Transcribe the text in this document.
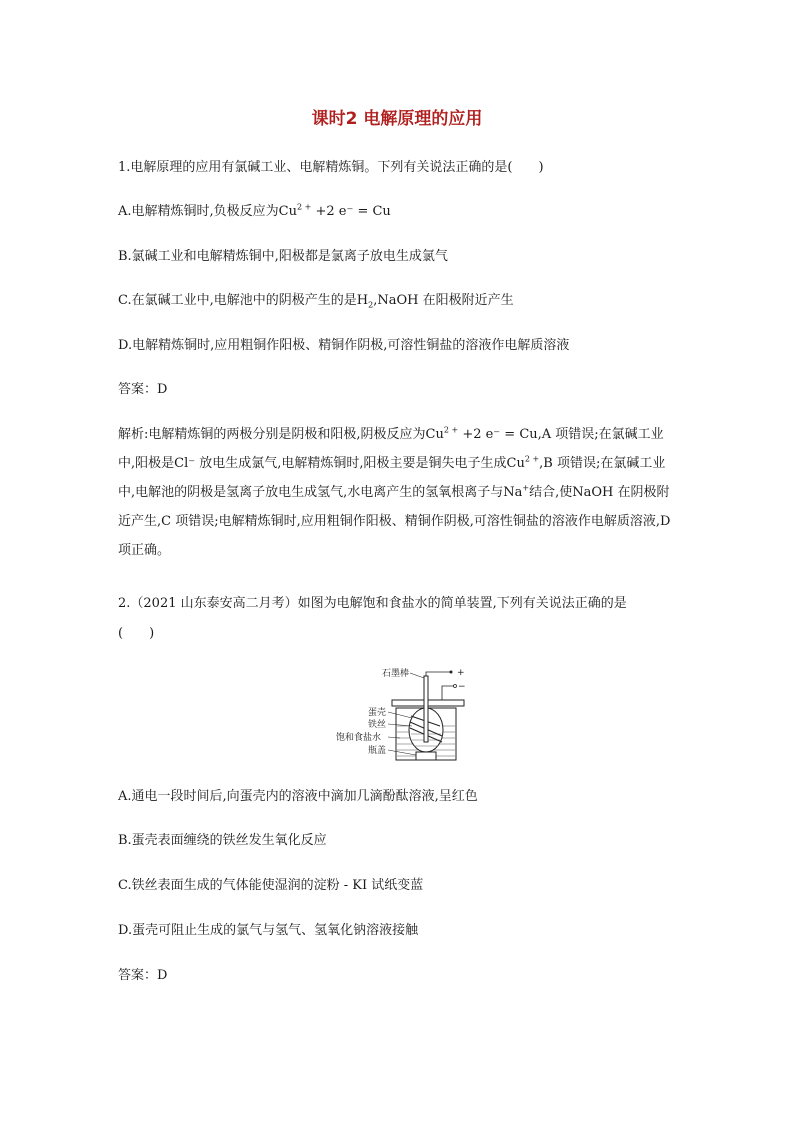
课时2 电解原理的应用
1.电解原理的应用有氯碱工业、电解精炼铜。下列有关说法正确的是(　　)
A.电解精炼铜时,负极反应为$Cu^{2 +} +2$ e⁻ = Cu
B.氯碱工业和电解精炼铜中,阳极都是氯离子放电生成氯气
C.在氯碱工业中,电解池中的阴极产生的是$H_2,NaOH$ 在阳极附近产生
D.电解精炼铜时,应用粗铜作阳极、精铜作阴极,可溶性铜盐的溶液作电解质溶液
答案：D
解析:电解精炼铜的两极分别是阴极和阳极,阴极反应为$Cu^{2 +} +2$ e⁻ = Cu,A 项错误;在氯碱工业中,阳极是Cl⁻ 放电生成氯气,电解精炼铜时,阳极主要是铜失电子生成$Cu^{2 +},B$ 项错误;在氯碱工业中,电解池的阴极是氢离子放电生成氢气,水电离产生的氢氧根离子与Na+结合,使NaOH 在阴极附近产生,C 项错误;电解精炼铜时,应用粗铜作阳极、精铜作阴极,可溶性铜盐的溶液作电解质溶液,D 项正确。
2.（2021 山东泰安高二月考）如图为电解饱和食盐水的简单装置,下列有关说法正确的是
(　　)
+
−
石墨棒
蛋壳
铁丝
饱和食盐水
瓶盖
A.通电一段时间后,向蛋壳内的溶液中滴加几滴酚酞溶液,呈红色
B.蛋壳表面缠绕的铁丝发生氧化反应
C.铁丝表面生成的气体能使湿润的淀粉 - KI 试纸变蓝
D.蛋壳可阻止生成的氯气与氢气、氢氧化钠溶液接触
答案：D
